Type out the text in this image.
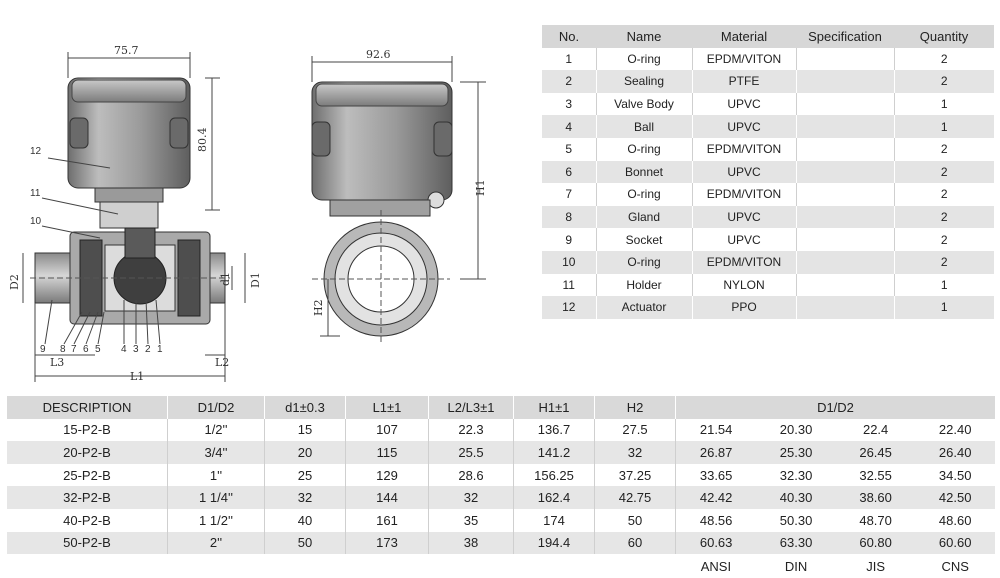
75.7
80.4
D2	d1 D1
L3	L2
L1
12
11
10
9 8 7 6 5 4 3 2 1
92.6
H1
H2
No.	Name	Material	Specification	Quantity
1	O-ring	EPDM/VITON		2
2	Sealing	PTFE		2
3	Valve Body	UPVC		1
4	Ball	UPVC		1
5	O-ring	EPDM/VITON		2
6	Bonnet	UPVC		2
7	O-ring	EPDM/VITON		2
8	Gland	UPVC		2
9	Socket	UPVC		2
10	O-ring	EPDM/VITON		2
11	Holder	NYLON		1
12	Actuator	PPO		1
DESCRIPTION	D1/D2	d1±0.3	L1±1	L2/L3±1	H1±1	H2	D1/D2			
15-P2-B	1/2''	15	107	22.3	136.7	27.5	21.54	20.30	22.4	22.40
20-P2-B	3/4''	20	115	25.5	141.2	32	26.87	25.30	26.45	26.40
25-P2-B	1''	25	129	28.6	156.25	37.25	33.65	32.30	32.55	34.50
32-P2-B	1 1/4''	32	144	32	162.4	42.75	42.42	40.30	38.60	42.50
40-P2-B	1 1/2''	40	161	35	174	50	48.56	50.30	48.70	48.60
50-P2-B	2''	50	173	38	194.4	60	60.63	63.30	60.80	60.60
							ANSI	DIN	JIS	CNS
